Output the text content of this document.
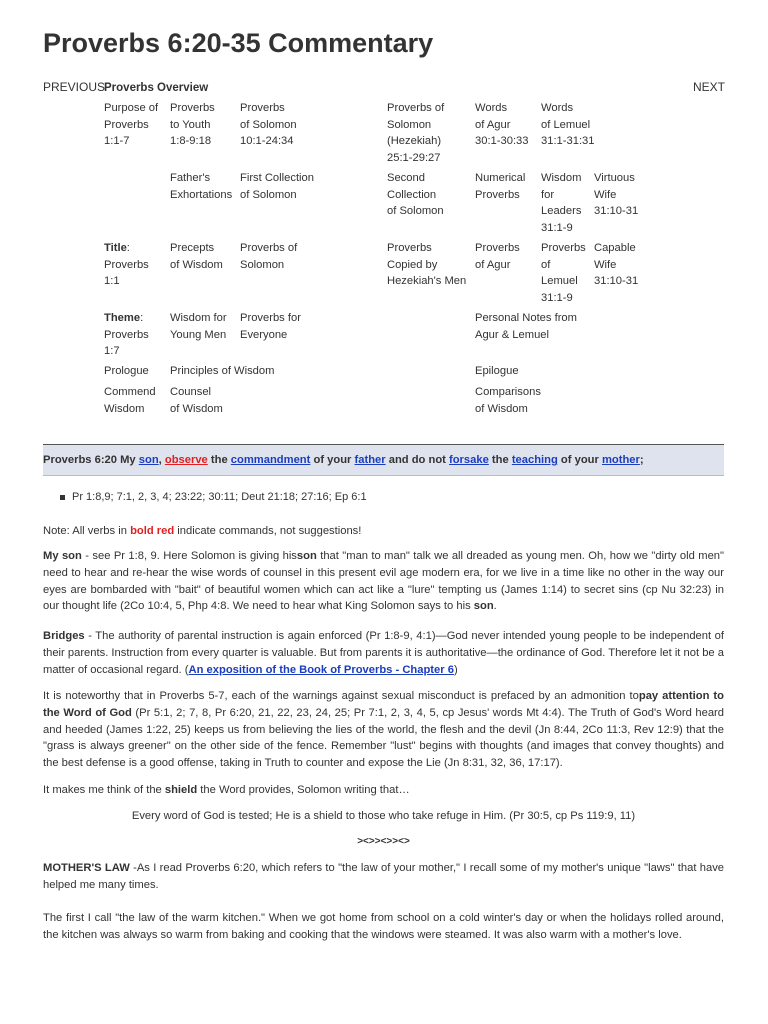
Proverbs 6:20-35 Commentary
PREVIOUS	NEXT
Proverbs Overview
Purpose of
Proverbs
1:1-7
Proverbs
to Youth
1:8-9:18
Proverbs
of Solomon
10:1-24:34
Proverbs of
Solomon
(Hezekiah)
25:1-29:27
Words
of Agur
30:1-30:33
Words
of Lemuel
31:1-31:31
Father's
Exhortations
First Collection
of Solomon
Second
Collection
of Solomon
Numerical
Proverbs
Wisdom
for
Leaders
31:1-9
Virtuous
Wife
31:10-31
Title:
Proverbs
1:1
Precepts
of Wisdom
Proverbs of
Solomon
Proverbs
Copied by
Hezekiah's Men
Proverbs
of Agur
Proverbs
of
Lemuel
31:1-9
Capable
Wife
31:10-31
Theme:
Proverbs
1:7
Wisdom for
Young Men
Proverbs for
Everyone
Personal Notes from
Agur & Lemuel
Prologue Principles of Wisdom	Epilogue
Commend
Wisdom
Counsel
of Wisdom
Comparisons
of Wisdom
Proverbs 6:20 My son, observe the commandment of your father and do not forsake the teaching of your mother;
Pr 1:8,9; 7:1, 2, 3, 4; 23:22; 30:11; Deut 21:18; 27:16; Ep 6:1
Note: All verbs in bold red indicate commands, not suggestions!
My son - see Pr 1:8, 9. Here Solomon is giving hisson that "man to man" talk we all dreaded as young men. Oh, how we "dirty old men" need to hear and re-hear the wise words of counsel in this present evil age modern era, for we live in a time like no other in the way our eyes are bombarded with "bait" of beautiful women which can act like a "lure" tempting us (James 1:14) to secret sins (cp Nu 32:23) in our thought life (2Co 10:4, 5, Php 4:8. We need to hear what King Solomon says to his son.
Bridges - The authority of parental instruction is again enforced (Pr 1:8-9, 4:1)—God never intended young people to be independent of their parents. Instruction from every quarter is valuable. But from parents it is authoritative—the ordinance of God. Therefore let it not be a matter of occasional regard. (An exposition of the Book of Proverbs - Chapter 6)
It is noteworthy that in Proverbs 5-7, each of the warnings against sexual misconduct is prefaced by an admonition topay attention to the Word of God (Pr 5:1, 2; 7, 8, Pr 6:20, 21, 22, 23, 24, 25; Pr 7:1, 2, 3, 4, 5, cp Jesus' words Mt 4:4). The Truth of God's Word heard and heeded (James 1:22, 25) keeps us from believing the lies of the world, the flesh and the devil (Jn 8:44, 2Co 11:3, Rev 12:9) that the "grass is always greener" on the other side of the fence. Remember "lust" begins with thoughts (and images that convey thoughts) and the best defense is a good offense, taking in Truth to counter and expose the Lie (Jn 8:31, 32, 36, 17:17).
It makes me think of the shield the Word provides, Solomon writing that…
Every word of God is tested; He is a shield to those who take refuge in Him. (Pr 30:5, cp Ps 119:9, 11)
><>><>><>
MOTHER'S LAW -As I read Proverbs 6:20, which refers to "the law of your mother," I recall some of my mother's unique "laws" that have helped me many times.
The first I call "the law of the warm kitchen." When we got home from school on a cold winter's day or when the holidays rolled around, the kitchen was always so warm from baking and cooking that the windows were steamed. It was also warm with a mother's love.
